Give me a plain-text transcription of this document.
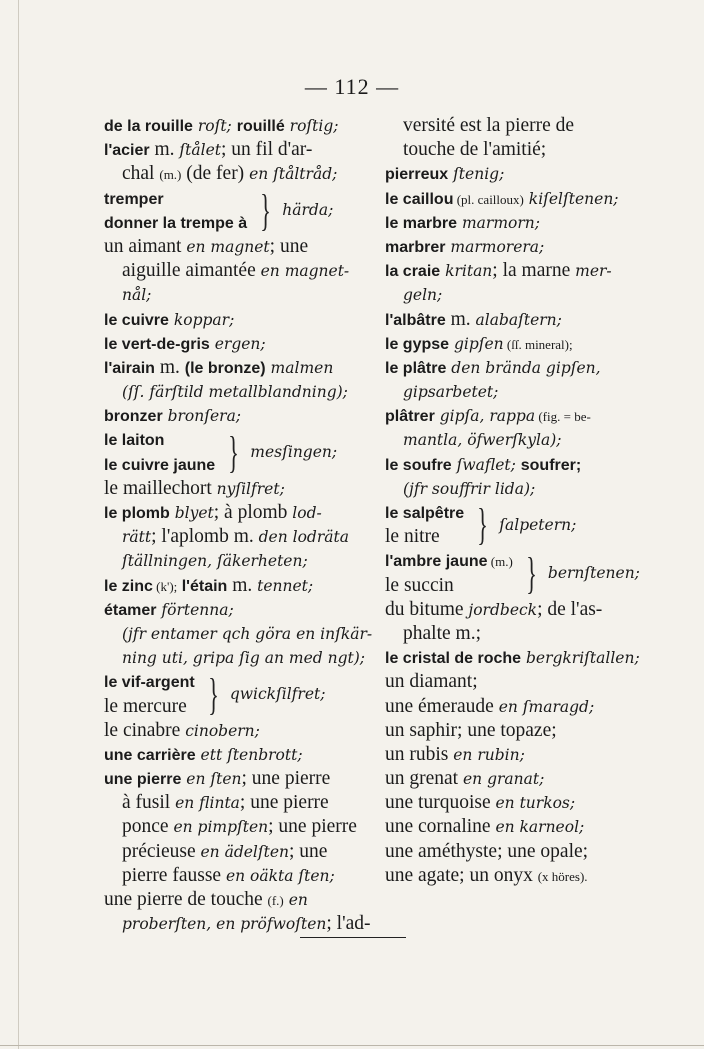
— 112 —
de la rouille roſt; rouillé roſtig;
l'acier m. ſtålet; un fil d'ar-
chal (m.) (de fer) en ſtåltråd;
tremper
donner la trempe à } härda;
un aimant en magnet; une
aiguille aimantée en magnet-
nål;
le cuivre koppar;
le vert-de-gris ergen;
l'airain m. (le bronze) malmen
(ſſ. färſtild metallblandning);
bronzer bronſera;
le laiton
le cuivre jaune } mesſingen;
le maillechort nyſilfret;
le plomb blyet; à plomb lod-
rätt; l'aplomb m. den lodräta
ſtällningen, ſäkerheten;
le zinc (k'); l'étain m. tennet;
étamer förtenna;
(jfr entamer qch göra en inſkär-
ning uti, gripa ſig an med ngt);
le vif-argent
le mercure } qwickſilfret;
le cinabre cinobern;
une carrière ett ſtenbrott;
une pierre en ſten; une pierre
à fusil en flinta; une pierre
ponce en pimpſten; une pierre
précieuse en ädelſten; une
pierre fausse en oäkta ſten;
une pierre de touche (f.) en
proberſten, en pröfwoſten; l'ad-
versité est la pierre de
touche de l'amitié;
pierreux ſtenig;
le caillou (pl. cailloux) kiſelſtenen;
le marbre marmorn;
marbrer marmorera;
la craie kritan; la marne mer-
geln;
l'albâtre m. alabaſtern;
le gypse gipſen (ſſ. mineral);
le plâtre den brända gipſen,
gipsarbetet;
plâtrer gipſa, rappa (fig. = be-
mantla, öfwerſkyla);
le soufre ſwaflet; soufrer;
(jfr souffrir lida);
le salpêtre
le nitre } ſalpetern;
l'ambre jaune (m.)
le succin	} bernſtenen;
du bitume jordbeck; de l'as-
phalte m.;
le cristal de roche bergkriſtallen;
un diamant;
une émeraude en ſmaragd;
un saphir; une topaze;
un rubis en rubin;
un grenat en granat;
une turquoise en turkos;
une cornaline en karneol;
une améthyste; une opale;
une agate; un onyx (x höres).
